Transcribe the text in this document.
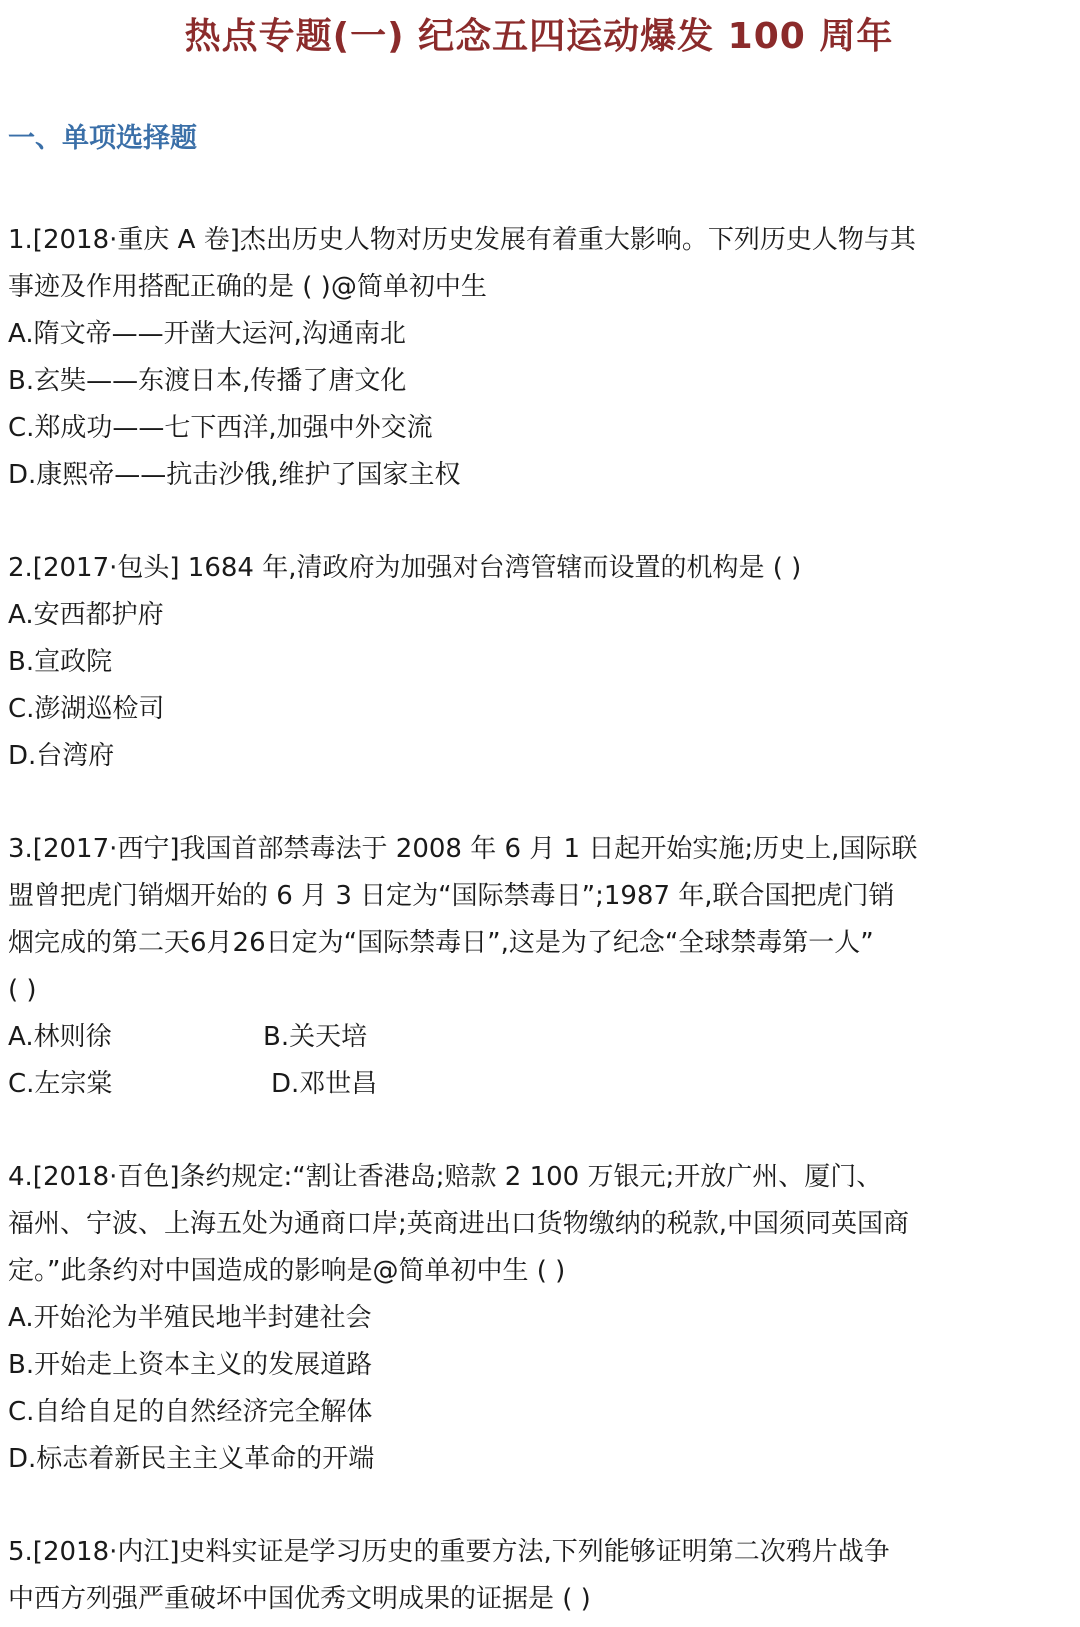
热点专题(一) 纪念五四运动爆发 100 周年
一、单项选择题
1.[2018·重庆 A 卷]杰出历史人物对历史发展有着重大影响。下列历史人物与其
事迹及作用搭配正确的是 ( )@简单初中生
A.隋文帝——开凿大运河,沟通南北
B.玄奘——东渡日本,传播了唐文化
C.郑成功——七下西洋,加强中外交流
D.康熙帝——抗击沙俄,维护了国家主权
2.[2017·包头] 1684 年,清政府为加强对台湾管辖而设置的机构是 ( )
A.安西都护府
B.宣政院
C.澎湖巡检司
D.台湾府
3.[2017·西宁]我国首部禁毒法于 2008 年 6 月 1 日起开始实施;历史上,国际联
盟曾把虎门销烟开始的 6 月 3 日定为“国际禁毒日”;1987 年,联合国把虎门销
烟完成的第二天6月26日定为“国际禁毒日”,这是为了纪念“全球禁毒第一人”
( )
A.林则徐	B.关天培
C.左宗棠	D.邓世昌
4.[2018·百色]条约规定:“割让香港岛;赔款 2 100 万银元;开放广州、厦门、
福州、宁波、上海五处为通商口岸;英商进出口货物缴纳的税款,中国须同英国商
定。”此条约对中国造成的影响是@简单初中生 ( )
A.开始沦为半殖民地半封建社会
B.开始走上资本主义的发展道路
C.自给自足的自然经济完全解体
D.标志着新民主主义革命的开端
5.[2018·内江]史料实证是学习历史的重要方法,下列能够证明第二次鸦片战争
中西方列强严重破坏中国优秀文明成果的证据是 ( )
